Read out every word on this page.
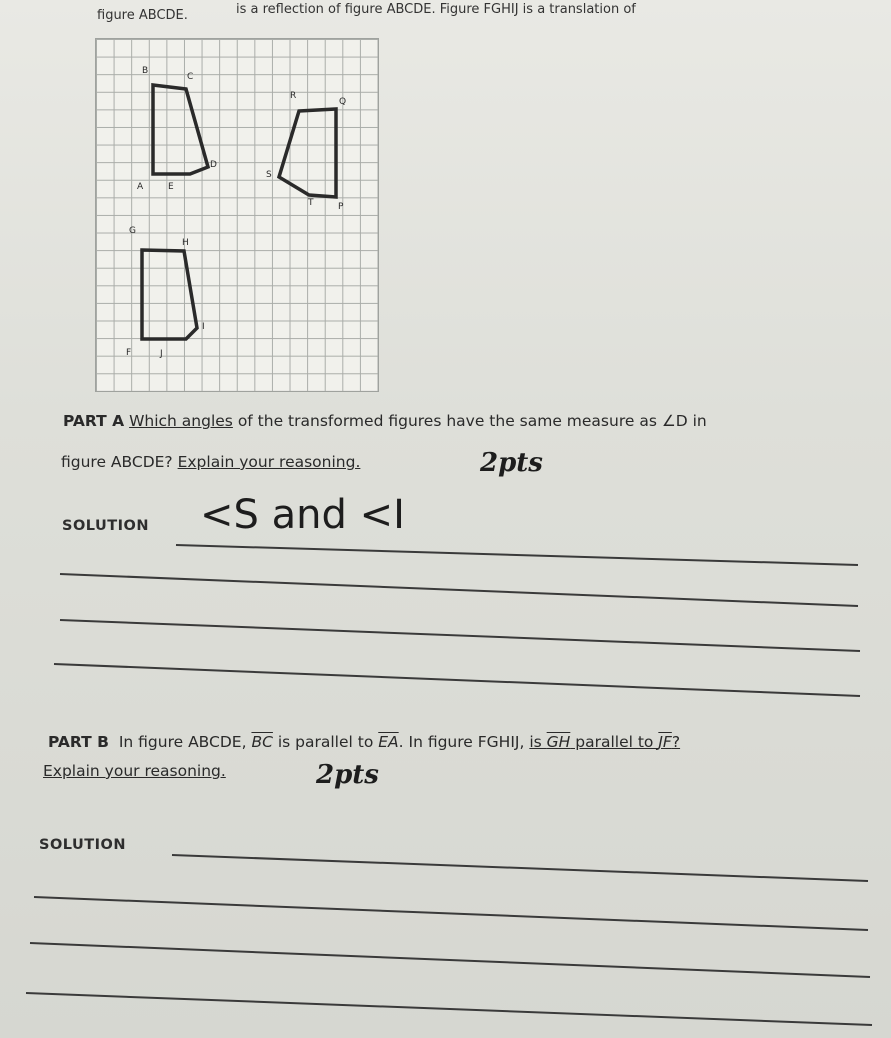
is a reflection of figure ABCDE. Figure FGHIJ is a translation of
figure ABCDE.
B
C
D
A	E
R
Q
S
T	P
G
H
I
F	J
PART A Which angles of the transformed figures have the same measure as ∠D in
figure ABCDE? Explain your reasoning.	2pts
SOLUTION <S and <I
PART B In figure ABCDE, $\overline{BC}$ is parallel to $\overline{EA}$. In figure FGHIJ, is GH parallel to JF?
Explain your reasoning.	2pts
SOLUTION
